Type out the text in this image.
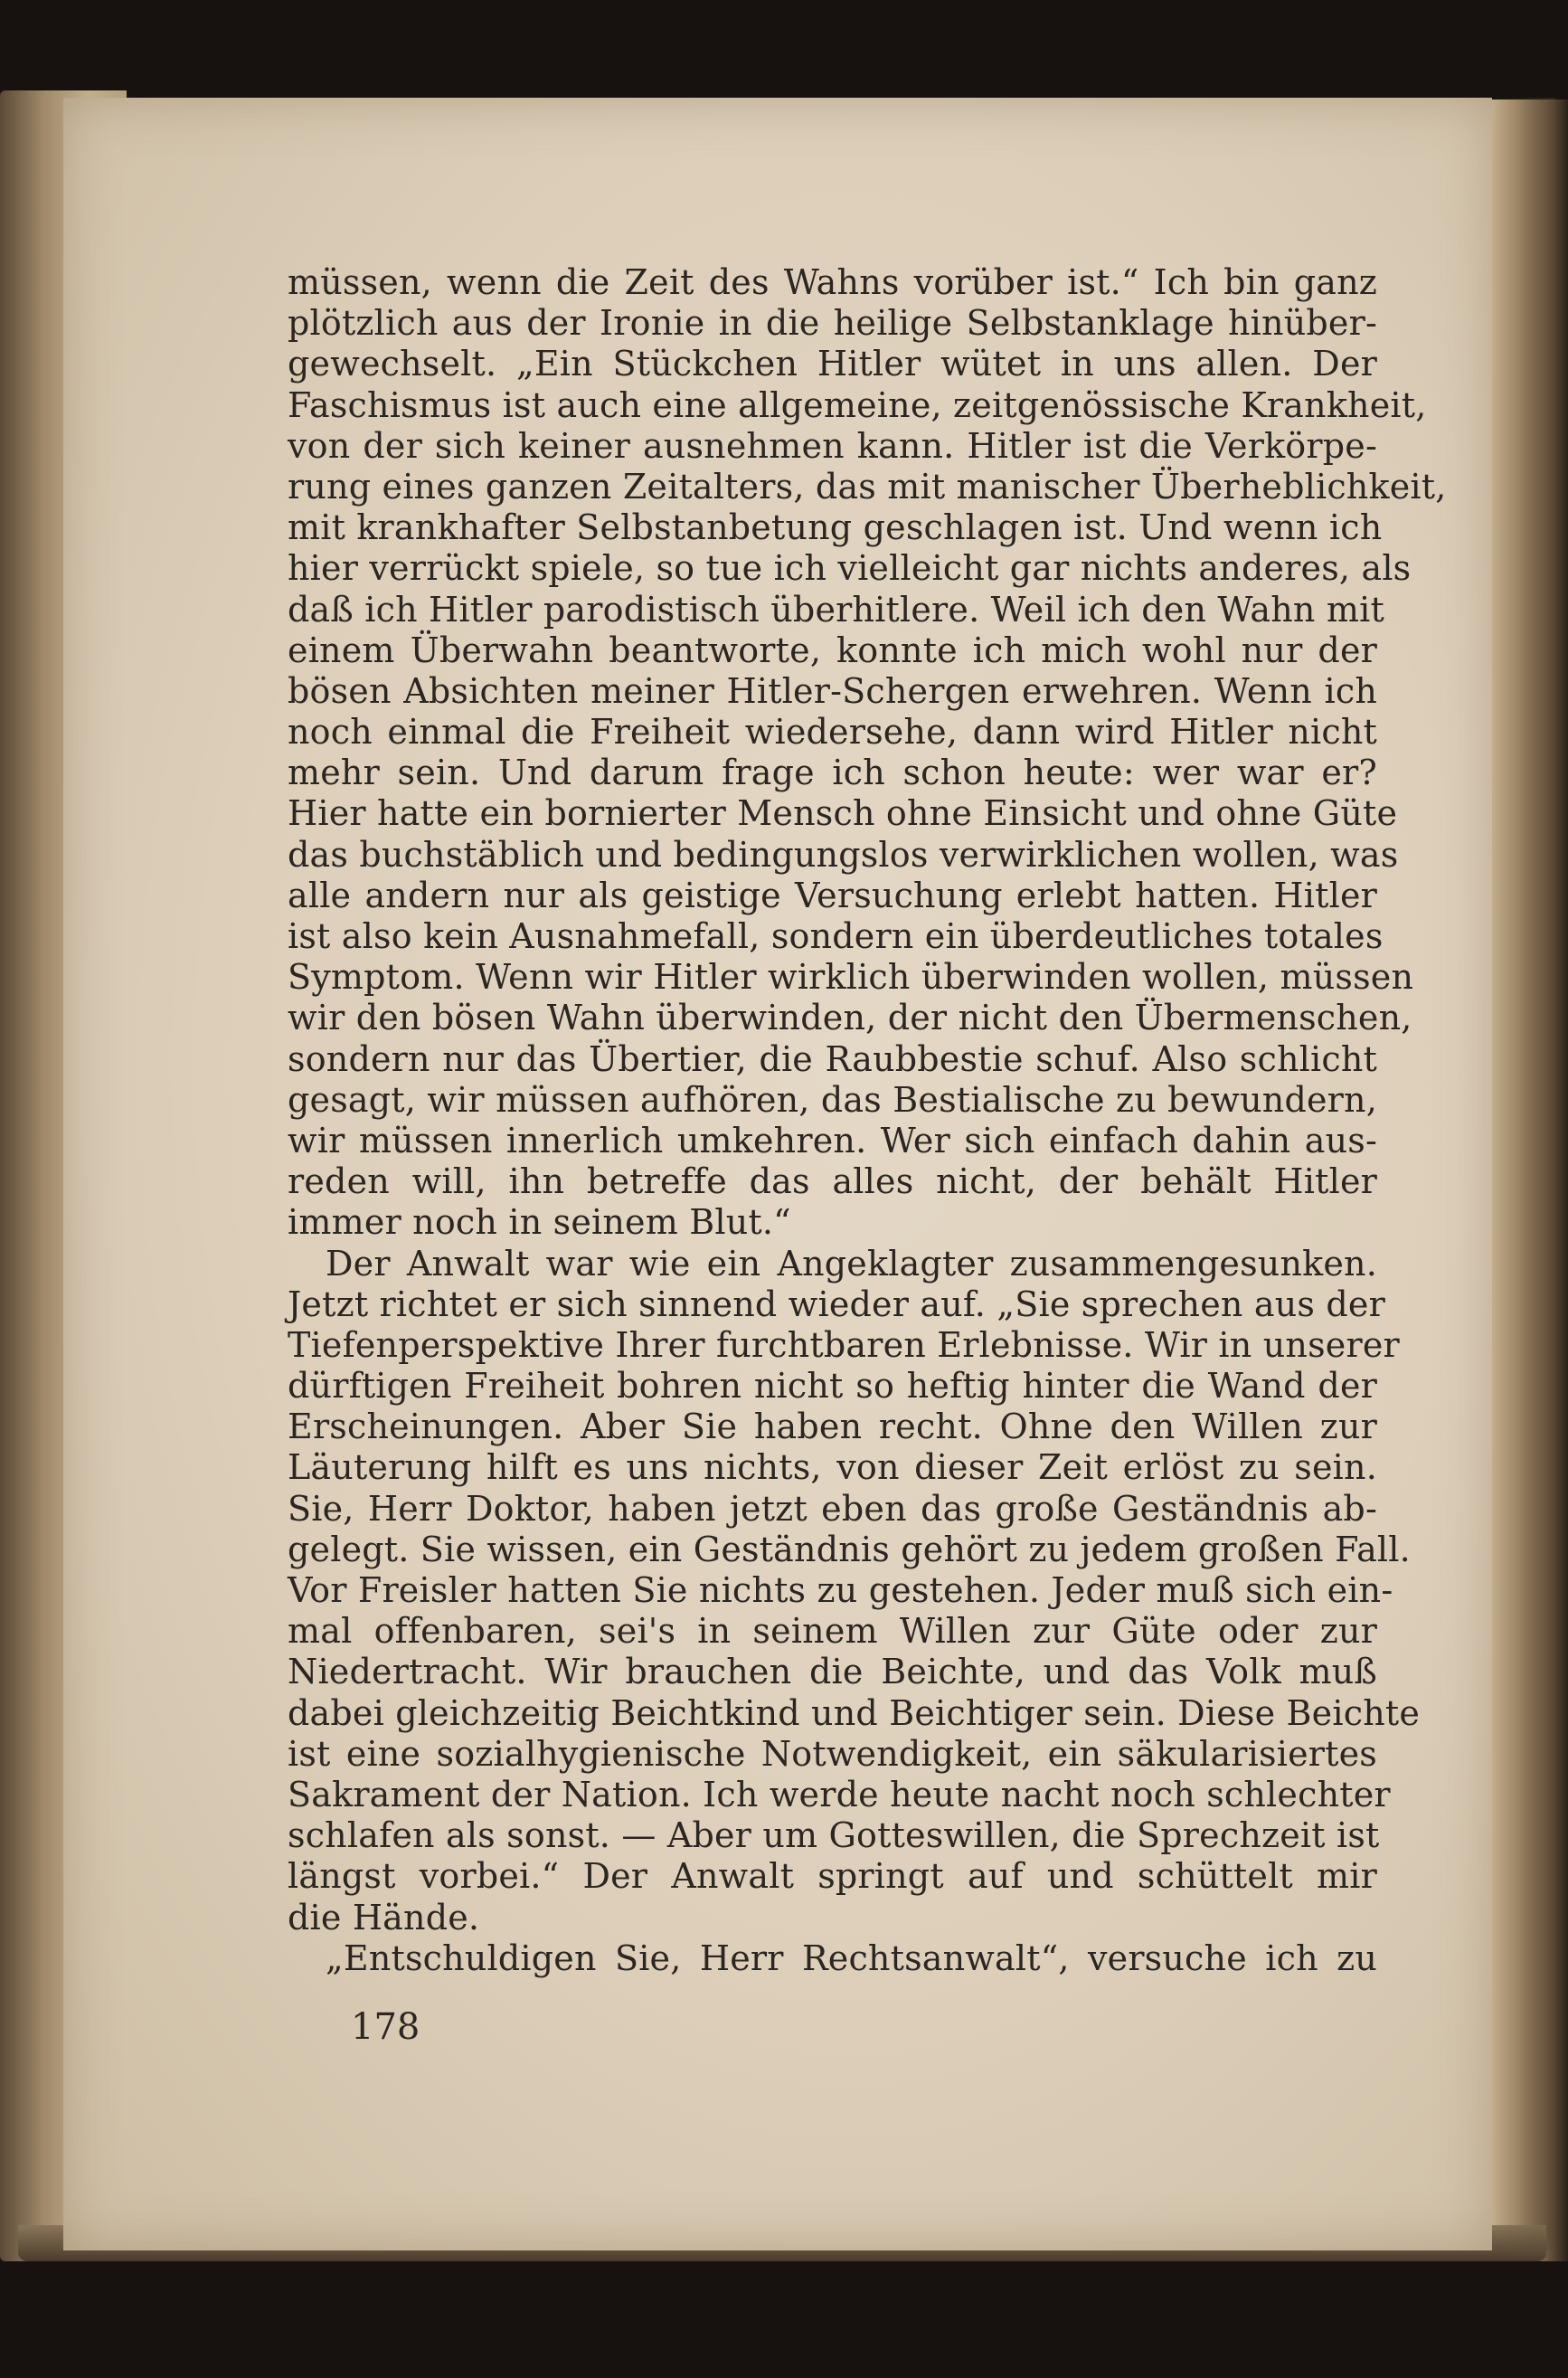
müssen, wenn die Zeit des Wahns vorüber ist.“ Ich bin ganz
plötzlich aus der Ironie in die heilige Selbstanklage hinüber-
gewechselt. „Ein Stückchen Hitler wütet in uns allen. Der
Faschismus ist auch eine allgemeine, zeitgenössische Krankheit,
von der sich keiner ausnehmen kann. Hitler ist die Verkörpe-
rung eines ganzen Zeitalters, das mit manischer Überheblichkeit,
mit krankhafter Selbstanbetung geschlagen ist. Und wenn ich
hier verrückt spiele, so tue ich vielleicht gar nichts anderes, als
daß ich Hitler parodistisch überhitlere. Weil ich den Wahn mit
einem Überwahn beantworte, konnte ich mich wohl nur der
bösen Absichten meiner Hitler-Schergen erwehren. Wenn ich
noch einmal die Freiheit wiedersehe, dann wird Hitler nicht
mehr sein. Und darum frage ich schon heute: wer war er?
Hier hatte ein bornierter Mensch ohne Einsicht und ohne Güte
das buchstäblich und bedingungslos verwirklichen wollen, was
alle andern nur als geistige Versuchung erlebt hatten. Hitler
ist also kein Ausnahmefall, sondern ein überdeutliches totales
Symptom. Wenn wir Hitler wirklich überwinden wollen, müssen
wir den bösen Wahn überwinden, der nicht den Übermenschen,
sondern nur das Übertier, die Raubbestie schuf. Also schlicht
gesagt, wir müssen aufhören, das Bestialische zu bewundern,
wir müssen innerlich umkehren. Wer sich einfach dahin aus-
reden will, ihn betreffe das alles nicht, der behält Hitler
immer noch in seinem Blut.“
Der Anwalt war wie ein Angeklagter zusammengesunken.
Jetzt richtet er sich sinnend wieder auf. „Sie sprechen aus der
Tiefenperspektive Ihrer furchtbaren Erlebnisse. Wir in unserer
dürftigen Freiheit bohren nicht so heftig hinter die Wand der
Erscheinungen. Aber Sie haben recht. Ohne den Willen zur
Läuterung hilft es uns nichts, von dieser Zeit erlöst zu sein.
Sie, Herr Doktor, haben jetzt eben das große Geständnis ab-
gelegt. Sie wissen, ein Geständnis gehört zu jedem großen Fall.
Vor Freisler hatten Sie nichts zu gestehen. Jeder muß sich ein-
mal offenbaren, sei's in seinem Willen zur Güte oder zur
Niedertracht. Wir brauchen die Beichte, und das Volk muß
dabei gleichzeitig Beichtkind und Beichtiger sein. Diese Beichte
ist eine sozialhygienische Notwendigkeit, ein säkularisiertes
Sakrament der Nation. Ich werde heute nacht noch schlechter
schlafen als sonst. — Aber um Gotteswillen, die Sprechzeit ist
längst vorbei.“ Der Anwalt springt auf und schüttelt mir
die Hände.
„Entschuldigen Sie, Herr Rechtsanwalt“, versuche ich zu
178
